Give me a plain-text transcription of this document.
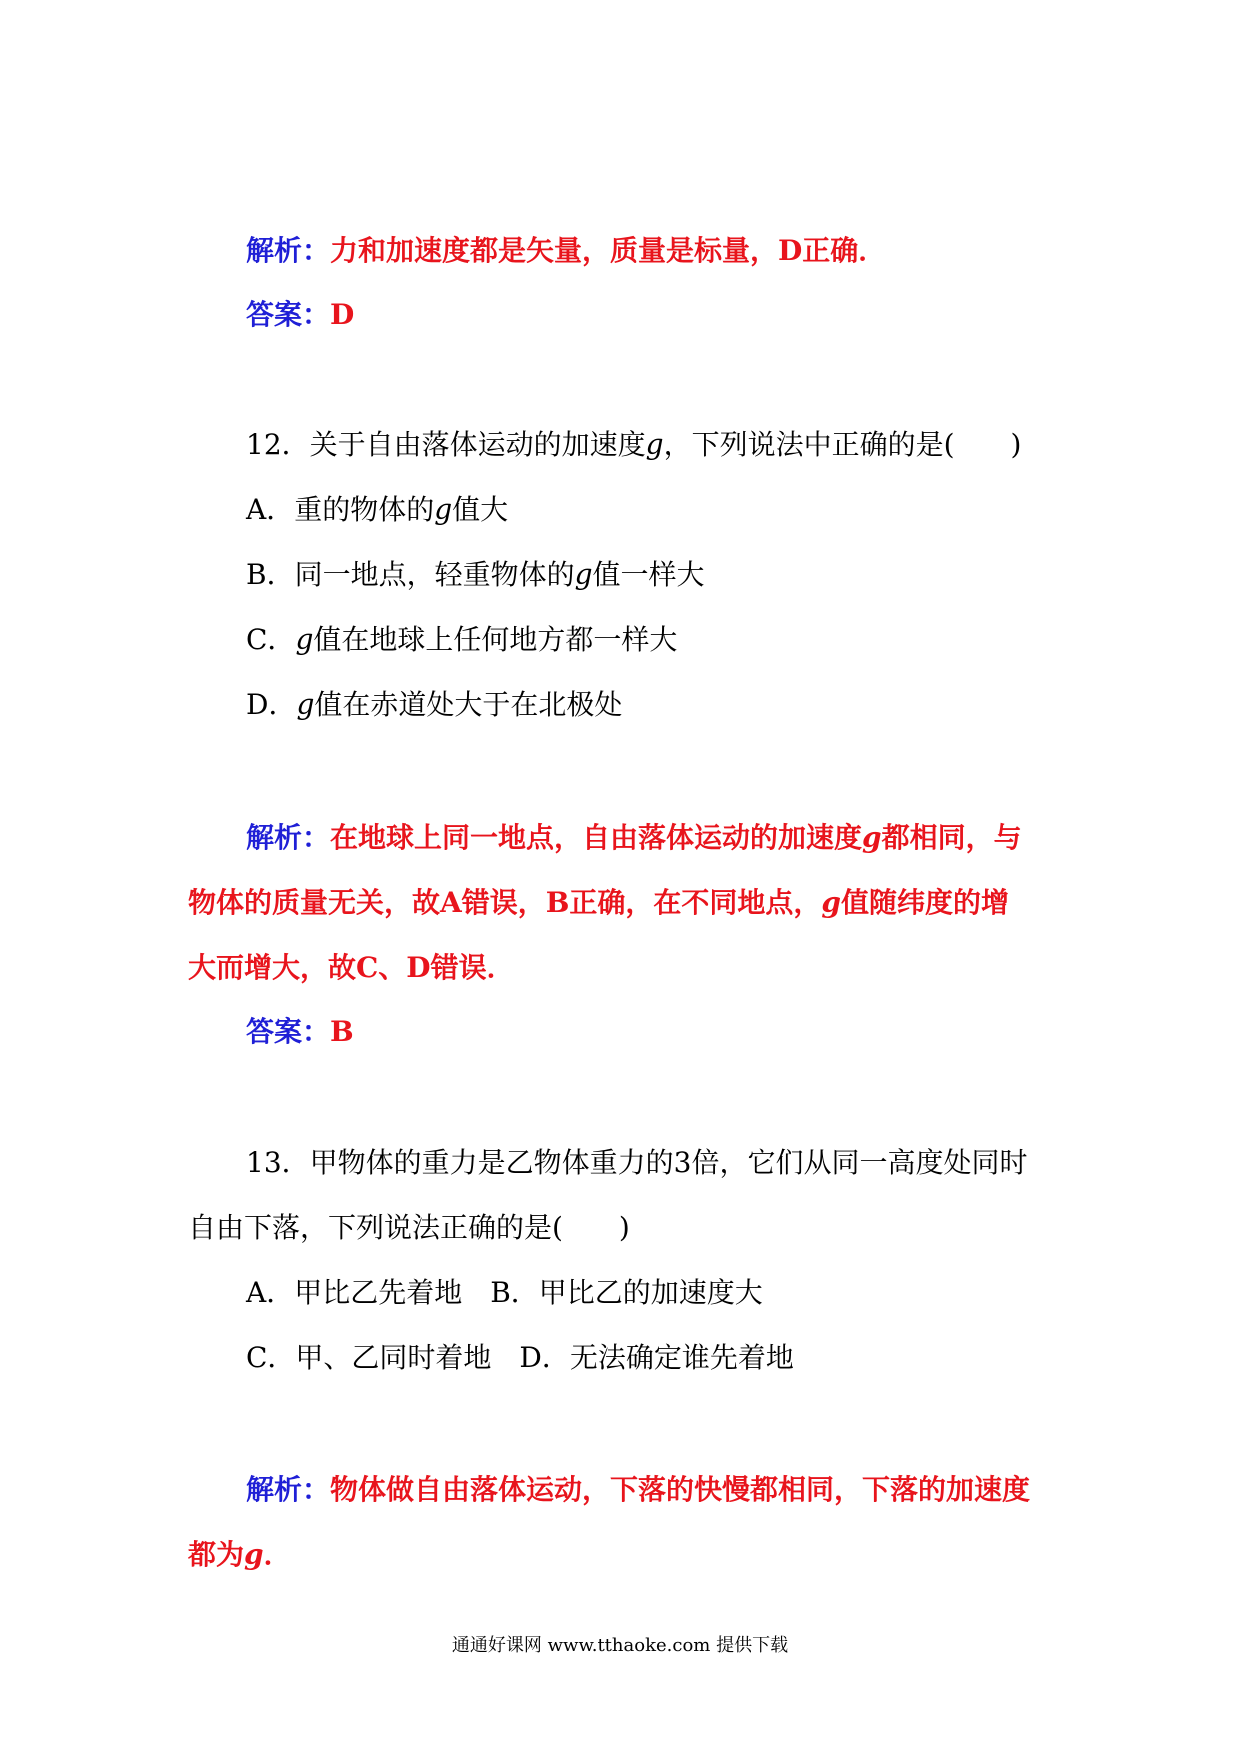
解析：力和加速度都是矢量，质量是标量，D正确．
答案：D
12．关于自由落体运动的加速度g，下列说法中正确的是(　　)
A．重的物体的g值大
B．同一地点，轻重物体的g值一样大
C．g值在地球上任何地方都一样大
D．g值在赤道处大于在北极处
解析：在地球上同一地点，自由落体运动的加速度g都相同，与
物体的质量无关，故A错误，B正确，在不同地点，g值随纬度的增
大而增大，故C、D错误．
答案：B
13．甲物体的重力是乙物体重力的3倍，它们从同一高度处同时
自由下落，下列说法正确的是(　　)
A．甲比乙先着地　B．甲比乙的加速度大
C．甲、乙同时着地　D．无法确定谁先着地
解析：物体做自由落体运动，下落的快慢都相同，下落的加速度
都为g．
通通好课网 www.tthaoke.com 提供下载
